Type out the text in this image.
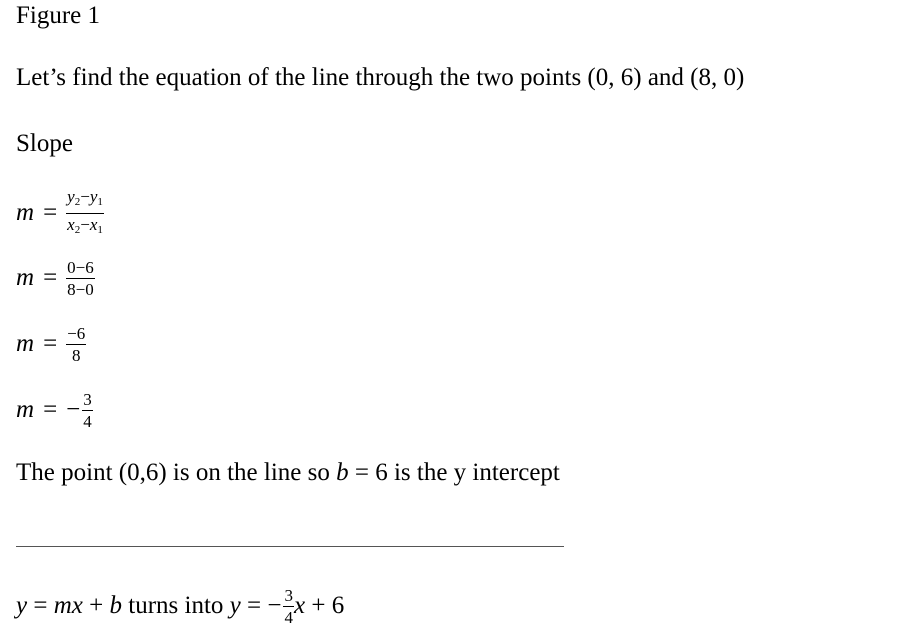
Figure 1
Let’s find the equation of the line through the two points (0, 6) and (8, 0)
Slope
$m = \frac{y_2-y_1}{x_2-x_1}$
$m = \frac{0-6}{8-0}$
$m = \frac{-6}{8}$
m = − $\frac{3}{4}$
The point (0,6) is on the line so b = 6 is the y intercept
y = m x + b turns into y = − $\frac{3}{4}$ x + 6
